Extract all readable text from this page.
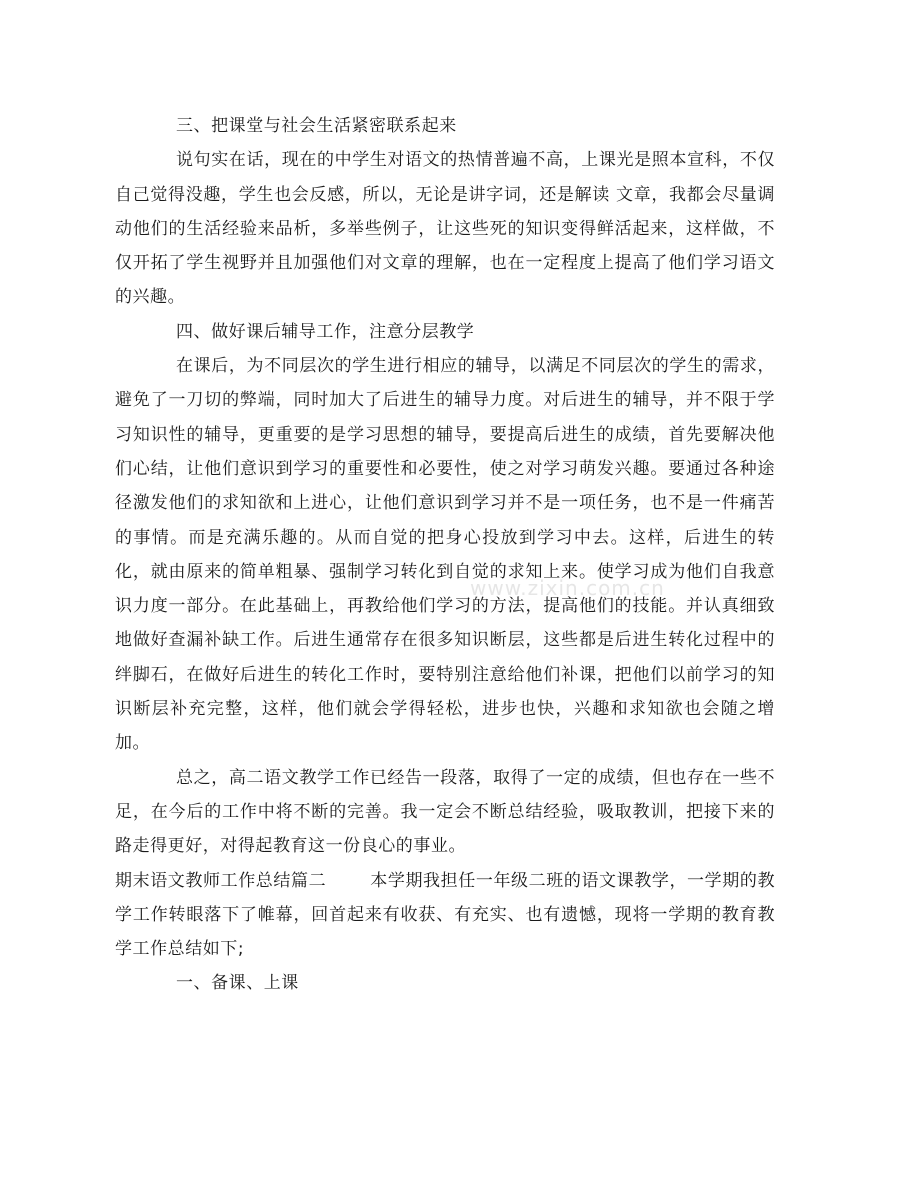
三、把课堂与社会生活紧密联系起来

说句实在话，现在的中学生对语文的热情普遍不高，上课光是照本宣科，不仅自己觉得没趣，学生也会反感，所以，无论是讲字词，还是解读 文章，我都会尽量调动他们的生活经验来品析，多举些例子，让这些死的知识变得鲜活起来，这样做，不仅开拓了学生视野并且加强他们对文章的理解，也在一定程度上提高了他们学习语文的兴趣。

四、做好课后辅导工作，注意分层教学

在课后，为不同层次的学生进行相应的辅导，以满足不同层次的学生的需求，避免了一刀切的弊端，同时加大了后进生的辅导力度。对后进生的辅导，并不限于学习知识性的辅导，更重要的是学习思想的辅导，要提高后进生的成绩，首先要解决他们心结，让他们意识到学习的重要性和必要性，使之对学习萌发兴趣。要通过各种途径激发他们的求知欲和上进心，让他们意识到学习并不是一项任务，也不是一件痛苦的事情。而是充满乐趣的。从而自觉的把身心投放到学习中去。这样，后进生的转化，就由原来的简单粗暴、强制学习转化到自觉的求知上来。使学习成为他们自我意识力度一部分。在此基础上，再教给他们学习的方法，提高他们的技能。并认真细致地做好查漏补缺工作。后进生通常存在很多知识断层，这些都是后进生转化过程中的绊脚石，在做好后进生的转化工作时，要特别注意给他们补课，把他们以前学习的知识断层补充完整，这样，他们就会学得轻松，进步也快，兴趣和求知欲也会随之增加。

总之，高二语文教学工作已经告一段落，取得了一定的成绩，但也存在一些不足，在今后的工作中将不断的完善。我一定会不断总结经验，吸取教训，把接下来的路走得更好，对得起教育这一份良心的事业。

期末语文教师工作总结篇二	本学期我担任一年级二班的语文课教学，一学期的教学工作转眼落下了帷幕，回首起来有收获、有充实、也有遗憾，现将一学期的教育教学工作总结如下;

一、备课、上课

www.zixin.com.cn
